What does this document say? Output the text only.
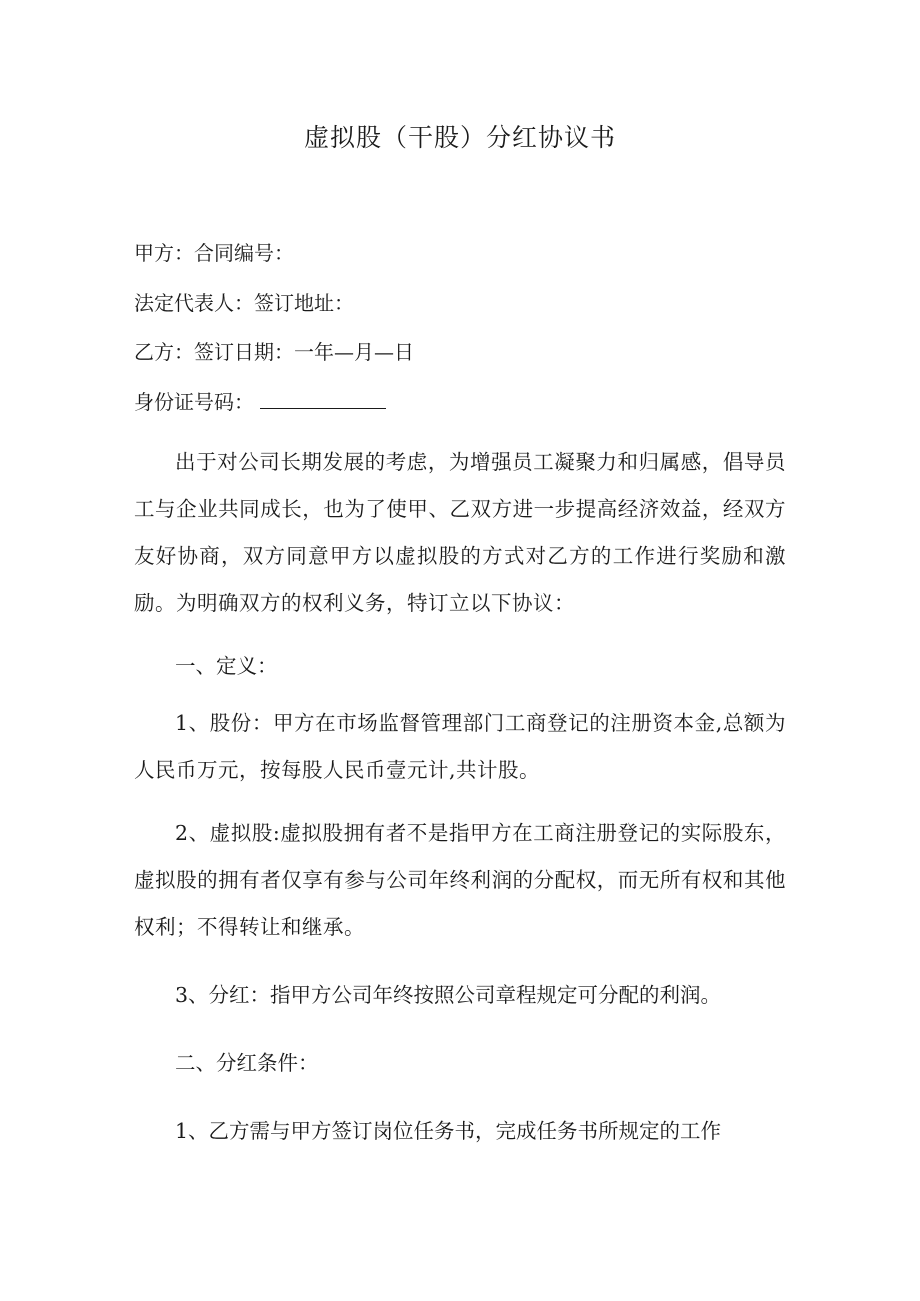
虚拟股（干股）分红协议书
甲方：合同编号：
法定代表人：签订地址：
乙方：签订日期：一年—月—日
身份证号码：
出于对公司长期发展的考虑，为增强员工凝聚力和归属感，倡导员工与企业共同成长，也为了使甲、乙双方进一步提高经济效益，经双方友好协商，双方同意甲方以虚拟股的方式对乙方的工作进行奖励和激励。为明确双方的权利义务，特订立以下协议：
一、定义：
1、股份：甲方在市场监督管理部门工商登记的注册资本金,总额为人民币万元，按每股人民币壹元计,共计股。
2、虚拟股:虚拟股拥有者不是指甲方在工商注册登记的实际股东，虚拟股的拥有者仅享有参与公司年终利润的分配权，而无所有权和其他权利；不得转让和继承。
3、分红：指甲方公司年终按照公司章程规定可分配的利润。
二、分红条件：
1、乙方需与甲方签订岗位任务书，完成任务书所规定的工作
